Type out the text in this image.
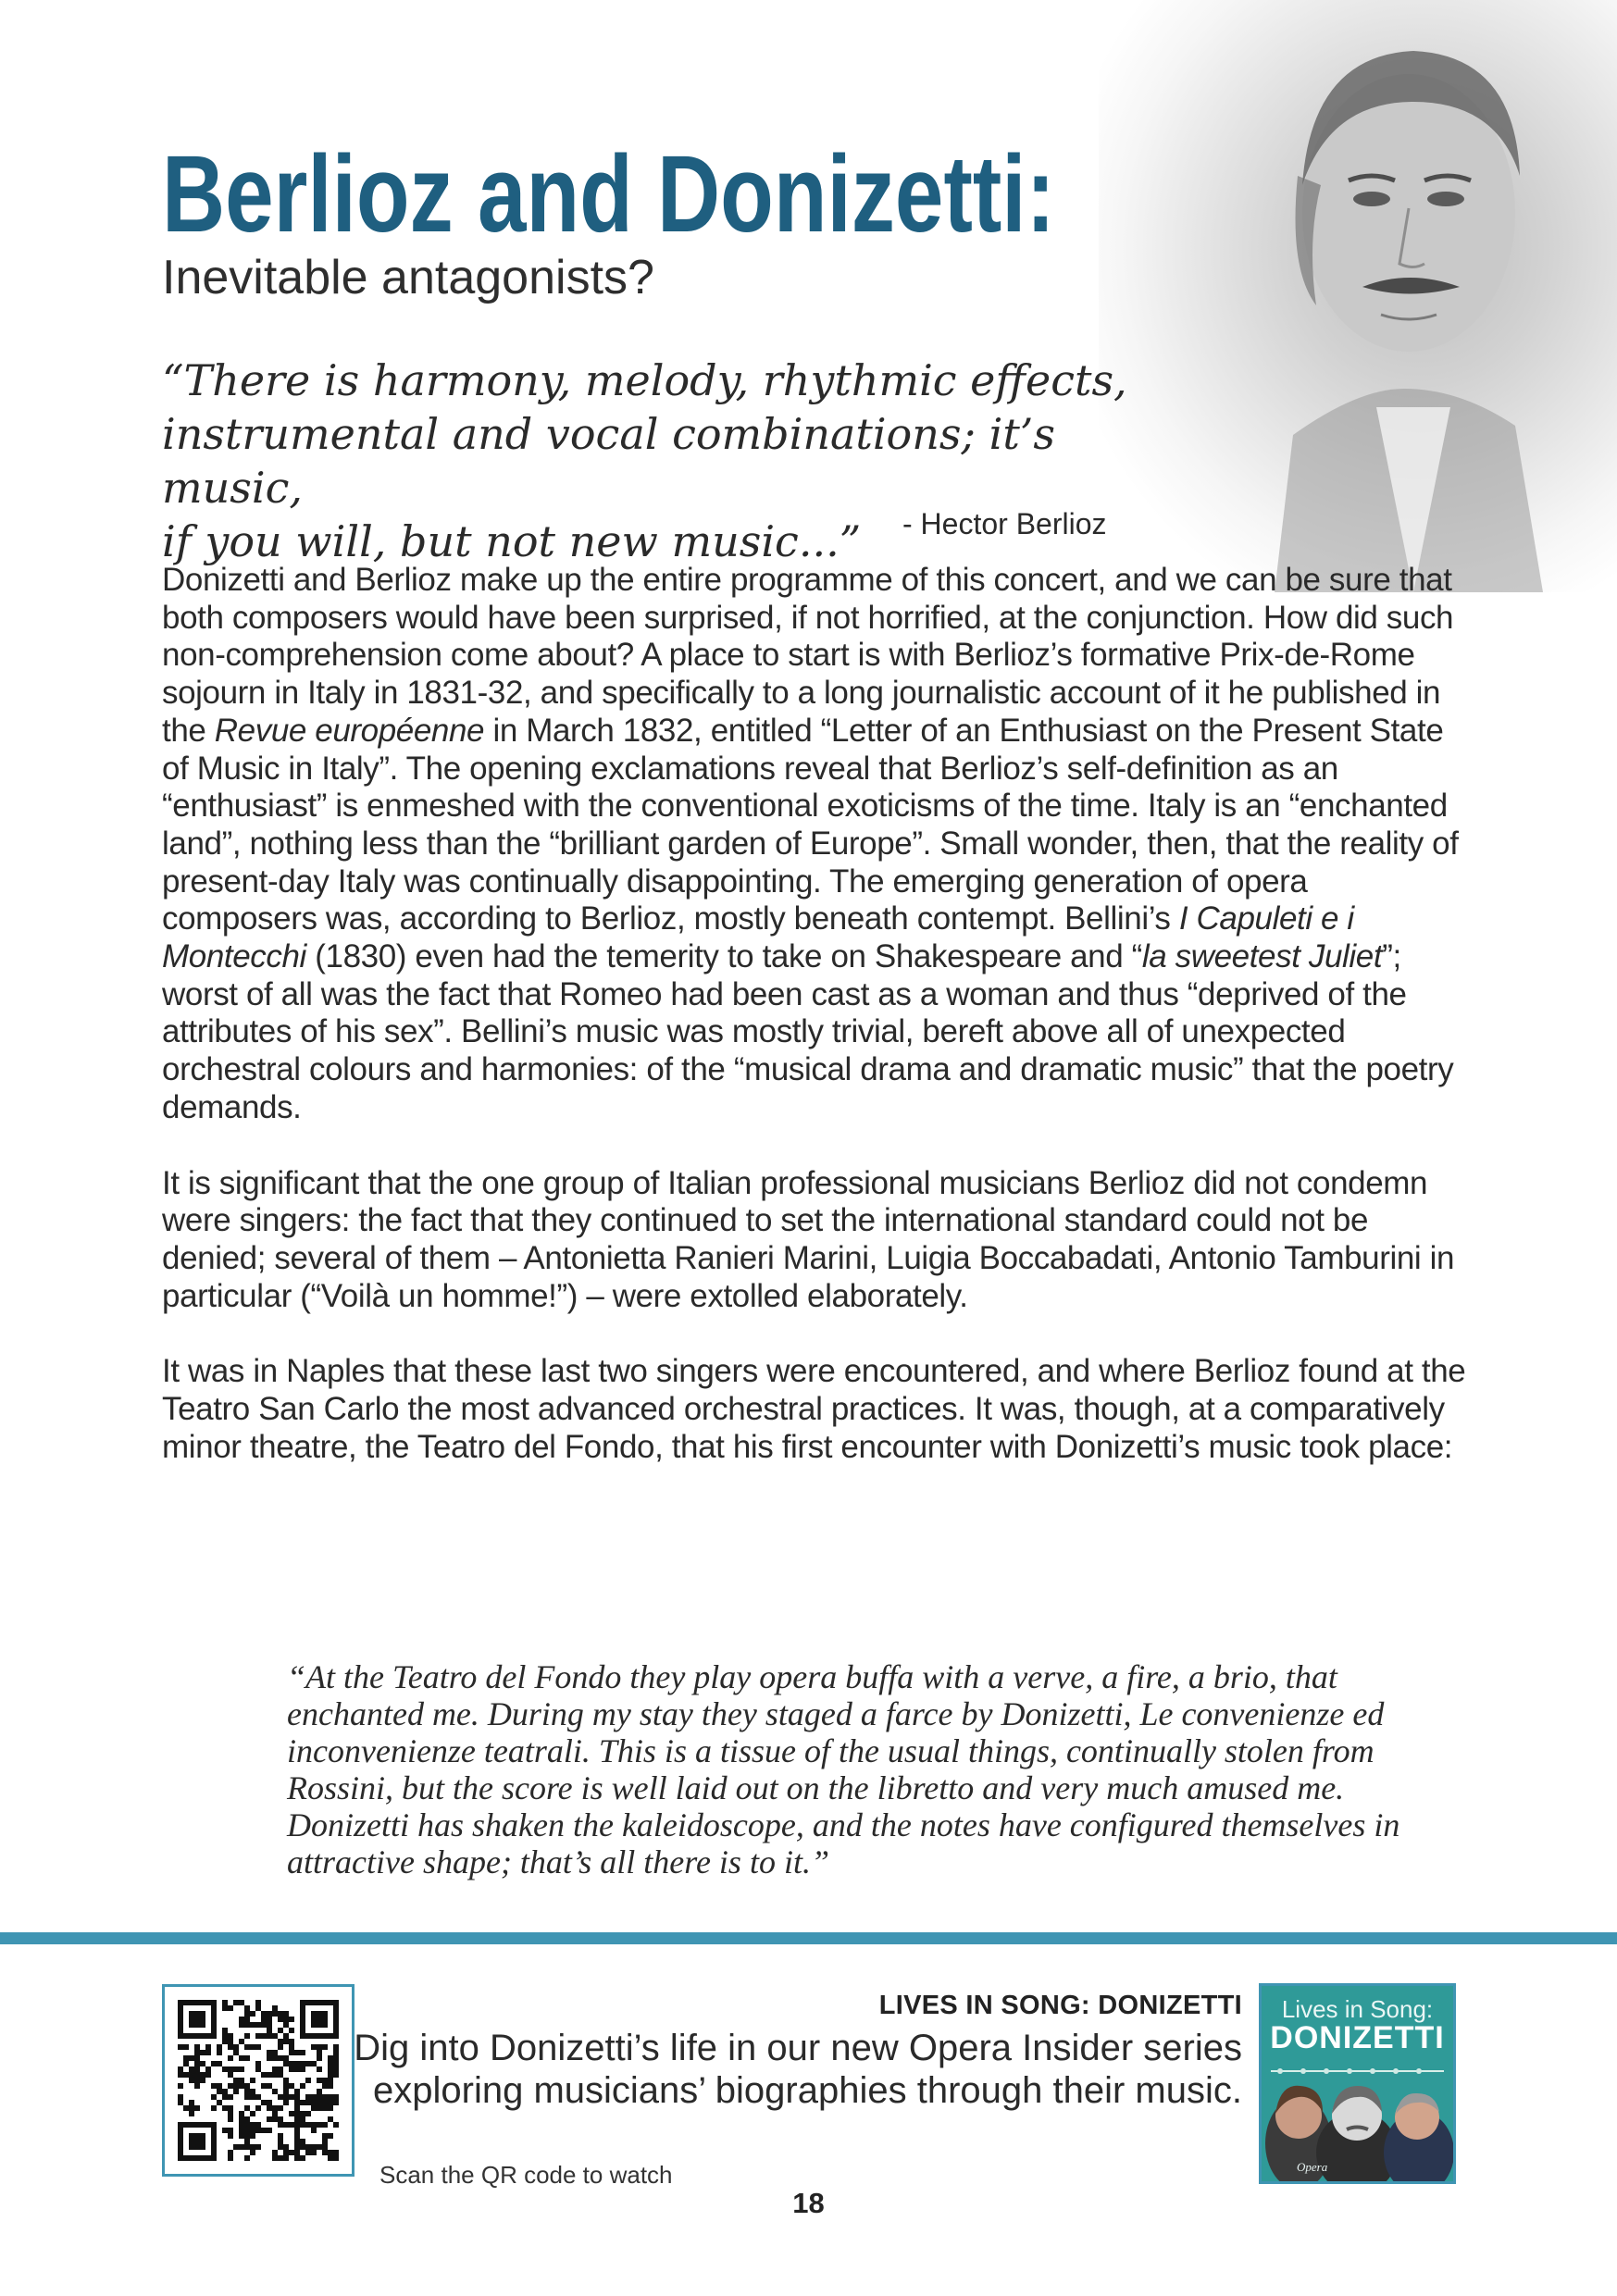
Berlioz and Donizetti:
Inevitable antagonists?

“There is harmony, melody, rhythmic effects,

instrumental and vocal combinations; it’s music,

if you will, but not new music...”	- Hector Berlioz

Donizetti and Berlioz make up the entire programme of this concert, and we can be sure that both composers would have been surprised, if not horrified, at the conjunction. How did such non-comprehension come about? A place to start is with Berlioz’s formative Prix-de-Rome sojourn in Italy in 1831-32, and specifically to a long journalistic account of it he published in the Revue européenne in March 1832, entitled “Letter of an Enthusiast on the Present State of Music in Italy”. The opening exclamations reveal that Berlioz’s self-definition as an “enthusiast” is enmeshed with the conventional exoticisms of the time. Italy is an “enchanted land”, nothing less than the “brilliant garden of Europe”. Small wonder, then, that the reality of present-day Italy was continually disappointing. The emerging generation of opera composers was, according to Berlioz, mostly beneath contempt. Bellini’s I Capuleti e i Montecchi (1830) even had the temerity to take on Shakespeare and “la sweetest Juliet”; worst of all was the fact that Romeo had been cast as a woman and thus “deprived of the attributes of his sex”. Bellini’s music was mostly trivial, bereft above all of unexpected orchestral colours and harmonies: of the “musical drama and dramatic music” that the poetry demands.

It is significant that the one group of Italian professional musicians Berlioz did not condemn were singers: the fact that they continued to set the international standard could not be denied; several of them – Antonietta Ranieri Marini, Luigia Boccabadati, Antonio Tamburini in particular (“Voilà un homme!”) – were extolled elaborately.

It was in Naples that these last two singers were encountered, and where Berlioz found at the Teatro San Carlo the most advanced orchestral practices. It was, though, at a comparatively minor theatre, the Teatro del Fondo, that his first encounter with Donizetti’s music took place:

“At the Teatro del Fondo they play opera buffa with a verve, a fire, a brio, that enchanted me. During my stay they staged a farce by Donizetti, Le convenienze ed inconvenienze teatrali. This is a tissue of the usual things, continually stolen from Rossini, but the score is well laid out on the libretto and very much amused me. Donizetti has shaken the kaleidoscope, and the notes have configured themselves in attractive shape; that’s all there is to it.”
LIVES IN SONG: DONIZETTI
Dig into Donizetti’s life in our new Opera Insider series
exploring musicians’ biographies through their music.
Scan the QR code to watch
18
Opera
Lives in Song:
DONIZETTI
